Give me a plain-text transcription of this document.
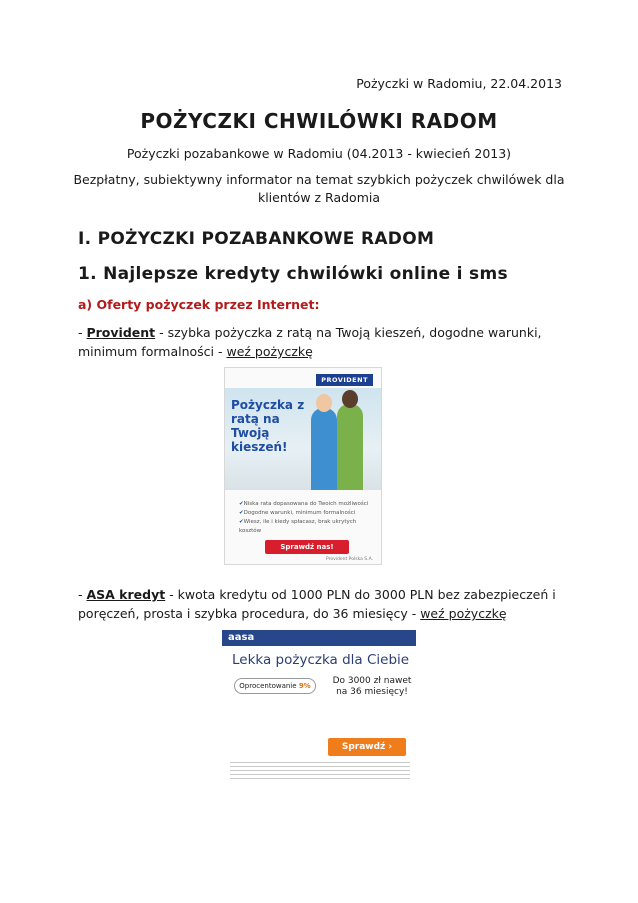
Pożyczki w Radomiu, 22.04.2013
POŻYCZKI CHWILÓWKI RADOM
Pożyczki pozabankowe w Radomiu (04.2013 - kwiecień 2013)
Bezpłatny, subiektywny informator na temat szybkich pożyczek chwilówek dla klientów z Radomia
I. POŻYCZKI POZABANKOWE RADOM
1. Najlepsze kredyty chwilówki online i sms
a) Oferty pożyczek przez Internet:
- Provident - szybka pożyczka z ratą na Twoją kieszeń, dogodne warunki, minimum formalności - weź pożyczkę
PROVIDENT
Pożyczka z ratą na Twoją kieszeń!
✔ Niska rata dopasowana do Twoich możliwości
✔ Dogodne warunki, minimum formalności
✔ Wiesz, ile i kiedy spłacasz, brak ukrytych kosztów
Sprawdź nas!
Provident Polska S.A.
- ASA kredyt - kwota kredytu od 1000 PLN do 3000 PLN bez zabezpieczeń i poręczeń, prosta i szybka procedura, do 36 miesięcy - weź pożyczkę
aasa
Lekka pożyczka dla Ciebie
Oprocentowanie 9%	Do 3000 zł nawet na 36 miesięcy!
Sprawdź ›
